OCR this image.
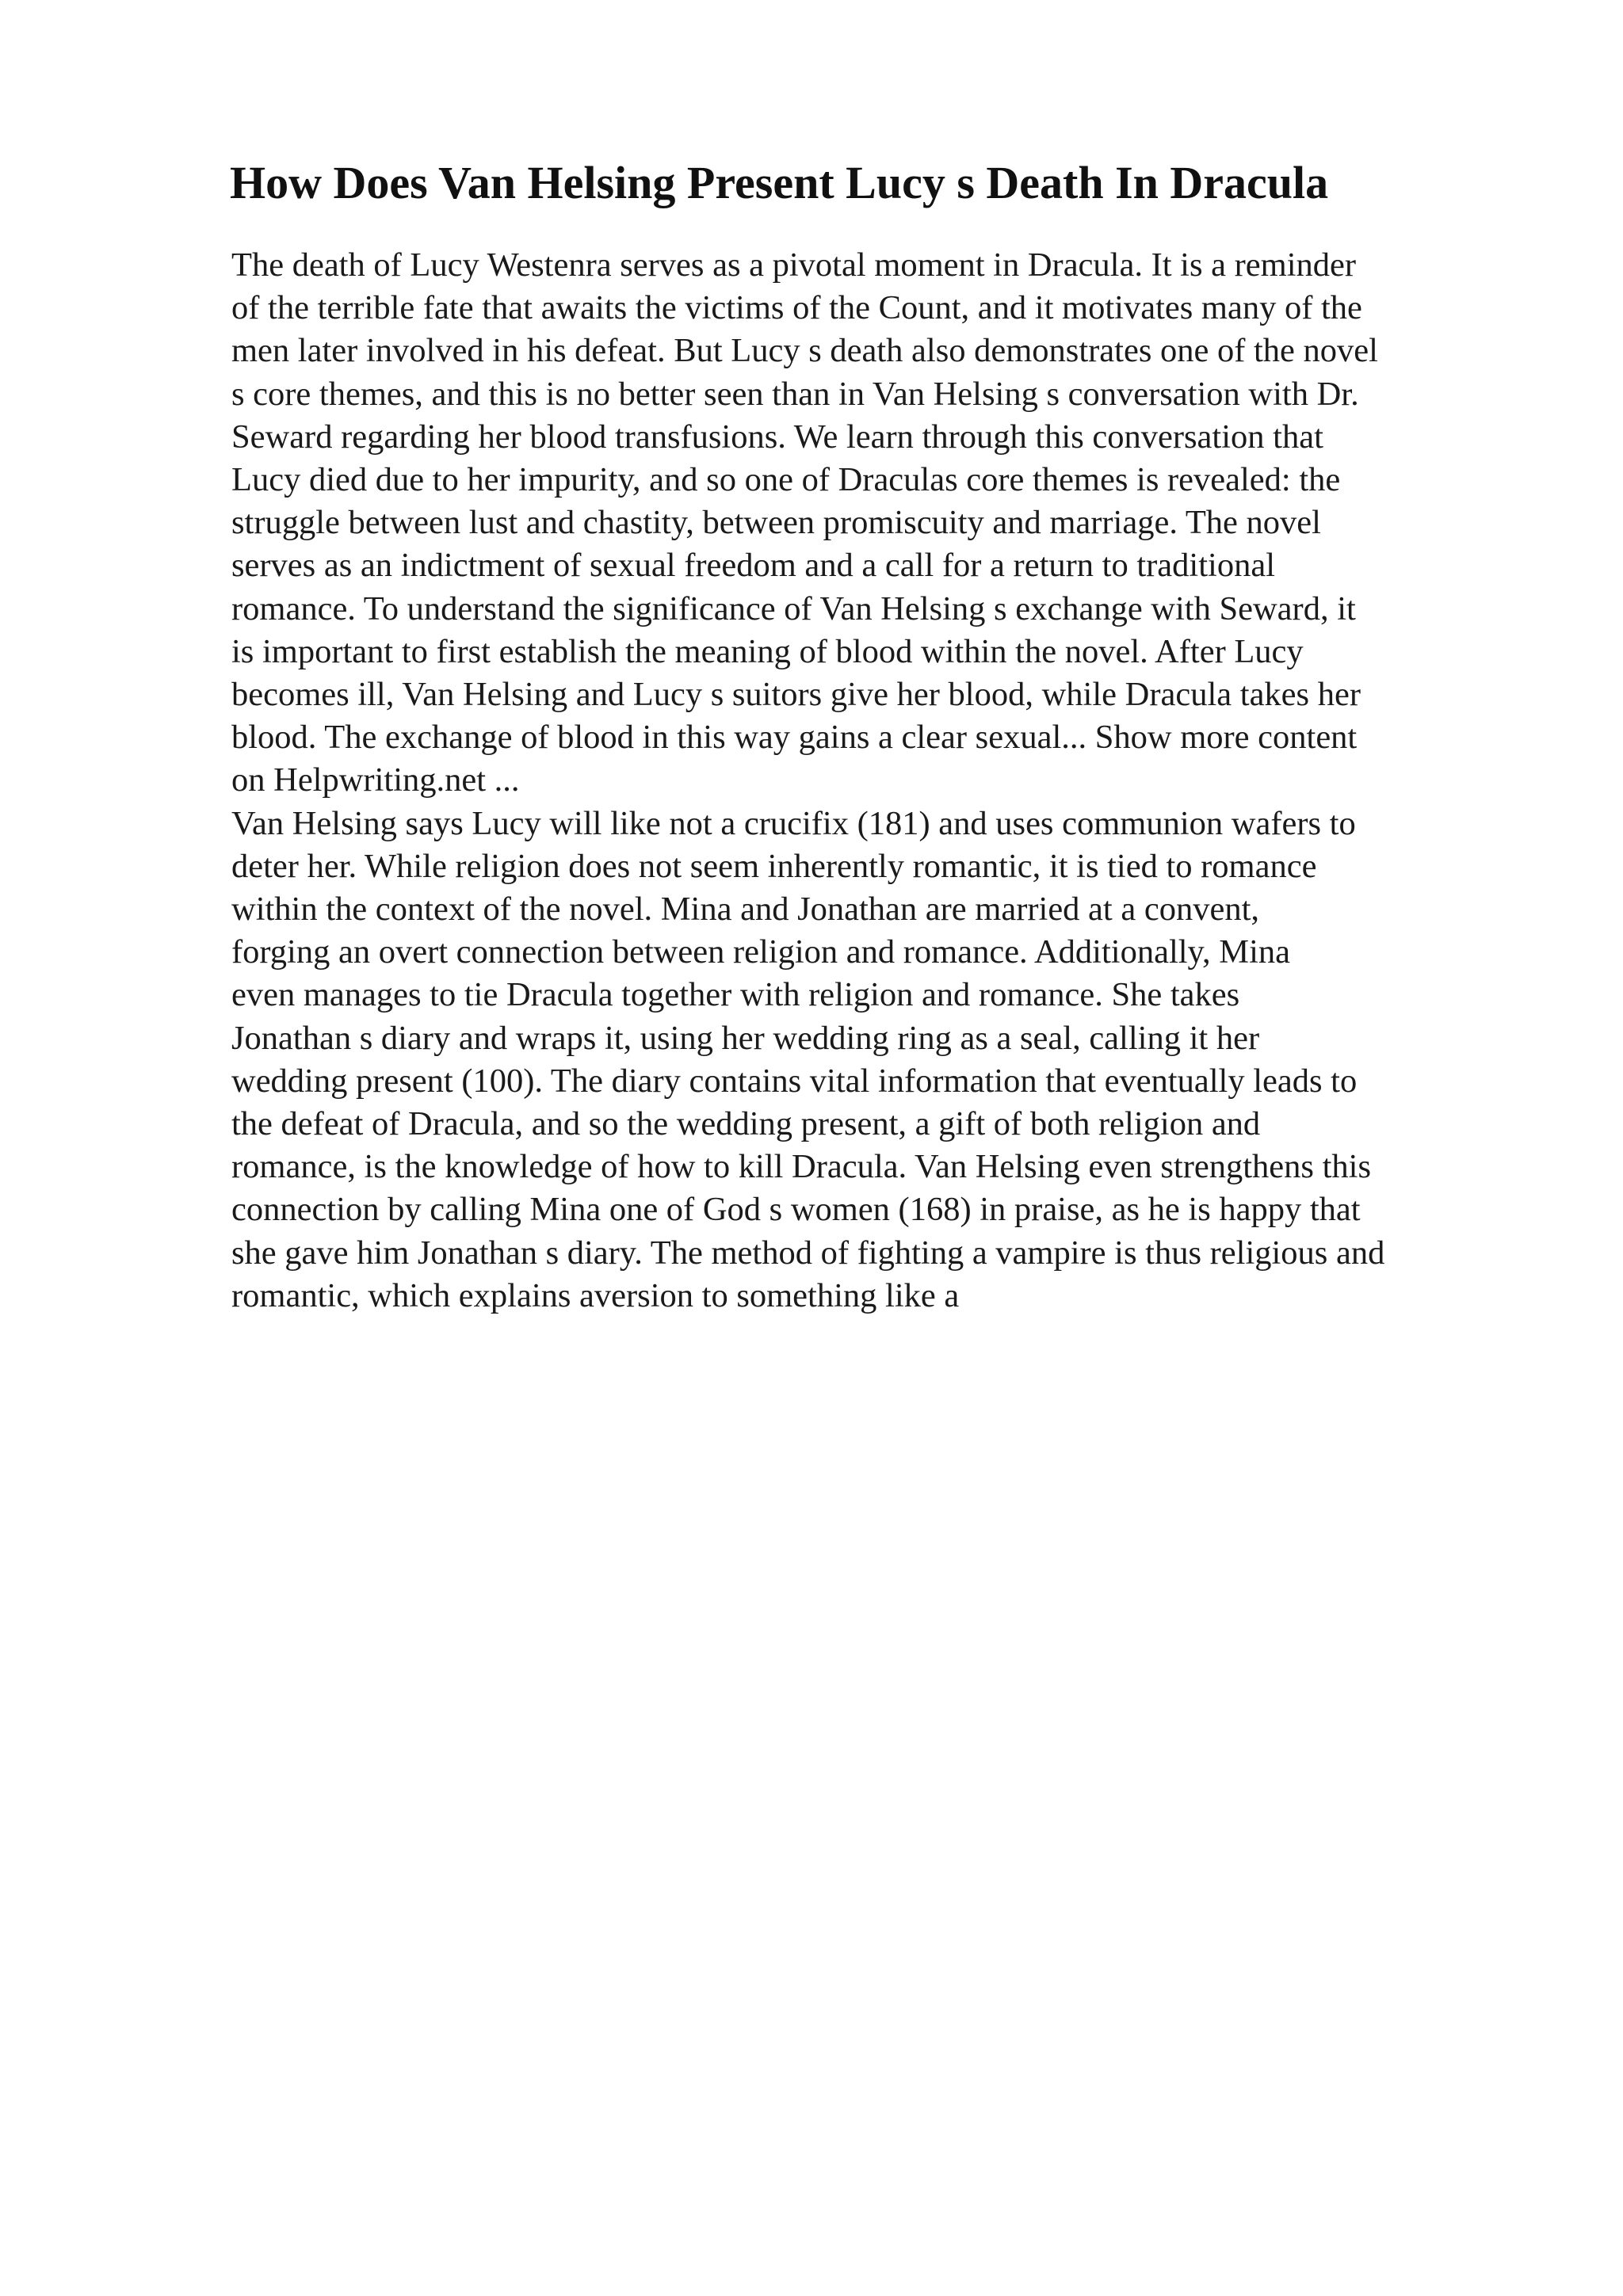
How Does Van Helsing Present Lucy s Death In Dracula
The death of Lucy Westenra serves as a pivotal moment in Dracula. It is a reminder
of the terrible fate that awaits the victims of the Count, and it motivates many of the
men later involved in his defeat. But Lucy s death also demonstrates one of the novel
s core themes, and this is no better seen than in Van Helsing s conversation with Dr.
Seward regarding her blood transfusions. We learn through this conversation that
Lucy died due to her impurity, and so one of Draculas core themes is revealed: the
struggle between lust and chastity, between promiscuity and marriage. The novel
serves as an indictment of sexual freedom and a call for a return to traditional
romance. To understand the significance of Van Helsing s exchange with Seward, it
is important to first establish the meaning of blood within the novel. After Lucy
becomes ill, Van Helsing and Lucy s suitors give her blood, while Dracula takes her
blood. The exchange of blood in this way gains a clear sexual... Show more content
on Helpwriting.net ...
Van Helsing says Lucy will like not a crucifix (181) and uses communion wafers to
deter her. While religion does not seem inherently romantic, it is tied to romance
within the context of the novel. Mina and Jonathan are married at a convent,
forging an overt connection between religion and romance. Additionally, Mina
even manages to tie Dracula together with religion and romance. She takes
Jonathan s diary and wraps it, using her wedding ring as a seal, calling it her
wedding present (100). The diary contains vital information that eventually leads to
the defeat of Dracula, and so the wedding present, a gift of both religion and
romance, is the knowledge of how to kill Dracula. Van Helsing even strengthens this
connection by calling Mina one of God s women (168) in praise, as he is happy that
she gave him Jonathan s diary. The method of fighting a vampire is thus religious and
romantic, which explains aversion to something like a
